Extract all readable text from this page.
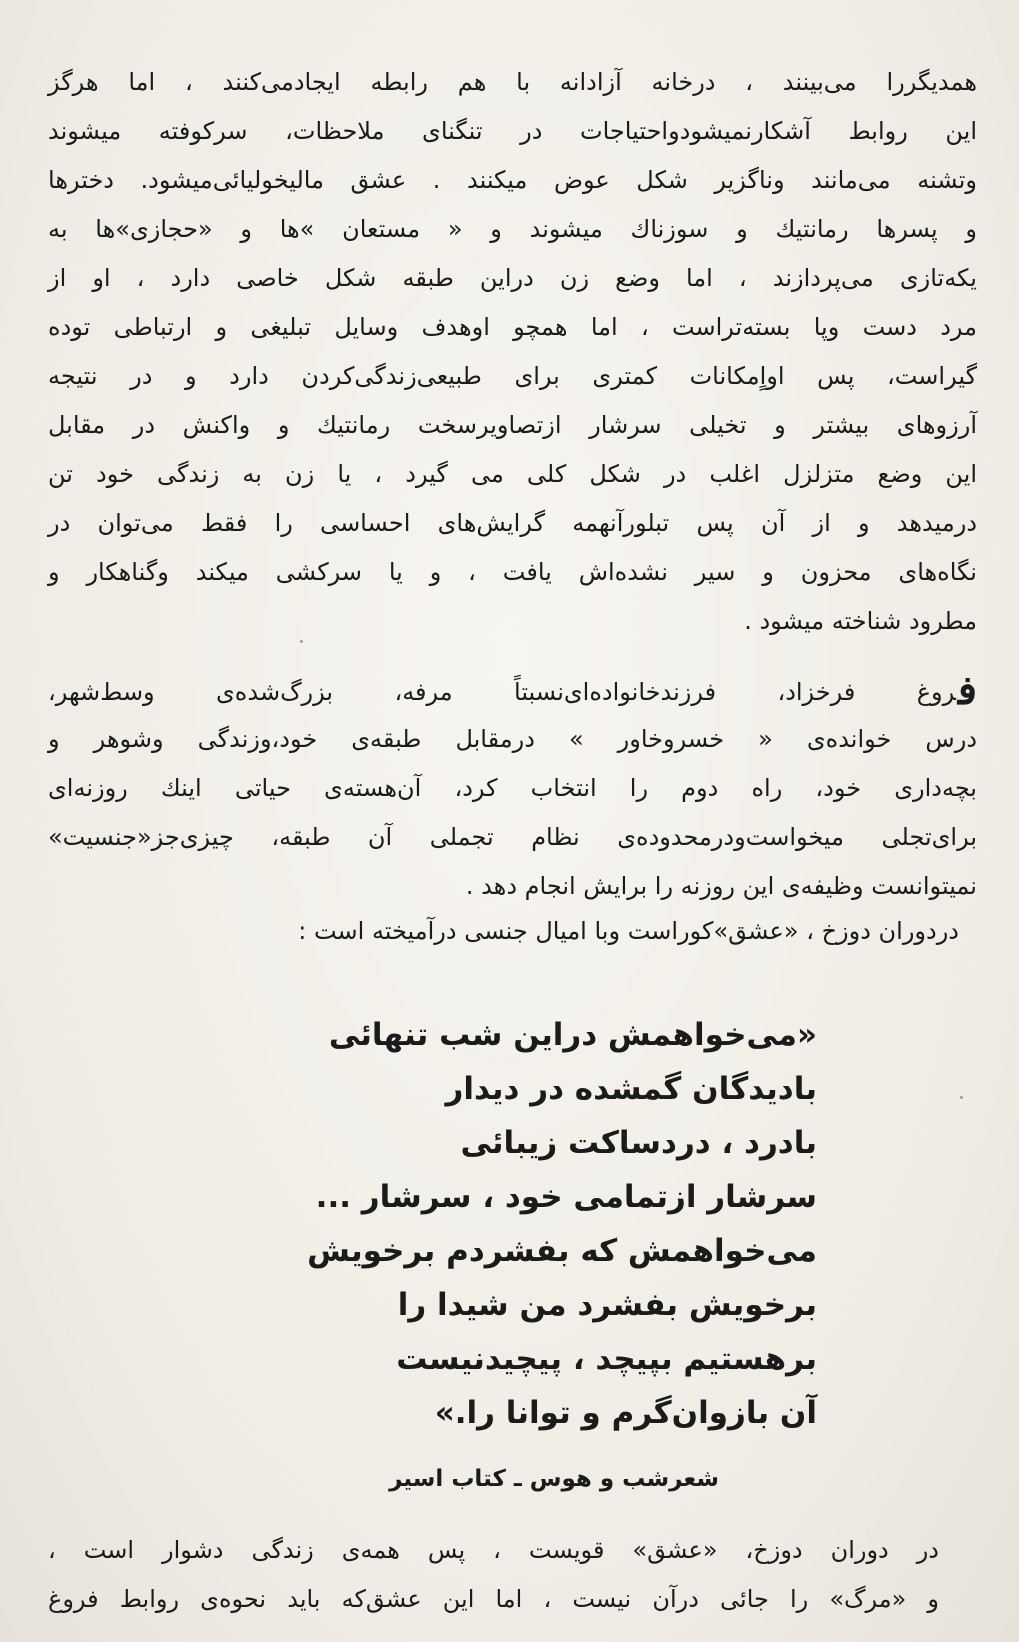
همدیگررا می‌بینند ، درخانه آزادانه با هم رابطه ایجادمی‌کنند ، اما هرگز
این روابط آشکارنمیشودواحتیاجات در تنگنای ملاحظات، سرکوفته میشوند
وتشنه می‌مانند وناگزیر شکل عوض میکنند . عشق مالیخولیائی‌میشود. دخترها
و پسرها رمانتیك و سوزناك میشوند و « مستعان »ها و «حجازی»ها به
یکه‌تازی می‌پردازند ، اما وضع زن دراین طبقه شکل خاصی دارد ، او از
مرد دست وپا بسته‌تراست ، اما همچو اوهدف وسایل تبلیغی و ارتباطی توده
گیراست، پس اواٍمکانات کمتری برای طبیعی‌زندگی‌کردن دارد و در نتیجه
آرزوهای بیشتر و تخیلی سرشار ازتصاویرسخت رمانتیك و واکنش در مقابل
این وضع متزلزل اغلب در شکل کلی می گیرد ، یا زن به زندگی خود تن
درمیدهد و از آن پس تبلورآنهمه گرایش‌های احساسی را فقط می‌توان در
نگاه‌های محزون و سیر نشده‌اش یافت ، و یا سرکشی میکند وگناهکار و
مطرود شناخته میشود .
فروغ فرخزاد، فرزندخانواده‌ای‌نسبتاً مرفه، بزرگ‌شده‌ی وسط‌شهر،
درس خوانده‌ی « خسروخاور » درمقابل طبقه‌ی خود،وزندگی وشوهر و
بچه‌داری خود، راه دوم را انتخاب کرد، آن‌هسته‌ی حیاتی اینك روزنه‌ای
برای‌تجلی میخواست‌ودرمحدوده‌ی نظام تجملی آن طبقه، چیزی‌جز«جنسیت»
نمیتوانست وظیفه‌ی این روزنه را برایش انجام دهد .
دردوران دوزخ ، «عشق»کوراست وبا امیال جنسی درآمیخته است :
«می‌خواهمش دراین شب تنهائی
بادیدگان گمشده در دیدار
بادرد ، دردساکت زیبائی
سرشار ازتمامی خود ، سرشار ...
می‌خواهمش که بفشردم برخویش
برخویش بفشرد من شیدا را
برهستیم بپیچد ، پیچیدنیست
آن بازوان‌گرم و توانا را.»
شعرشب و هوس ـ کتاب اسیر
در دوران دوزخ، «عشق» قویست ، پس همه‌ی زندگی دشوار است ،
و «مرگ» را جائی درآن نیست ، اما این عشق‌که باید نحوه‌ی روابط فروغ
